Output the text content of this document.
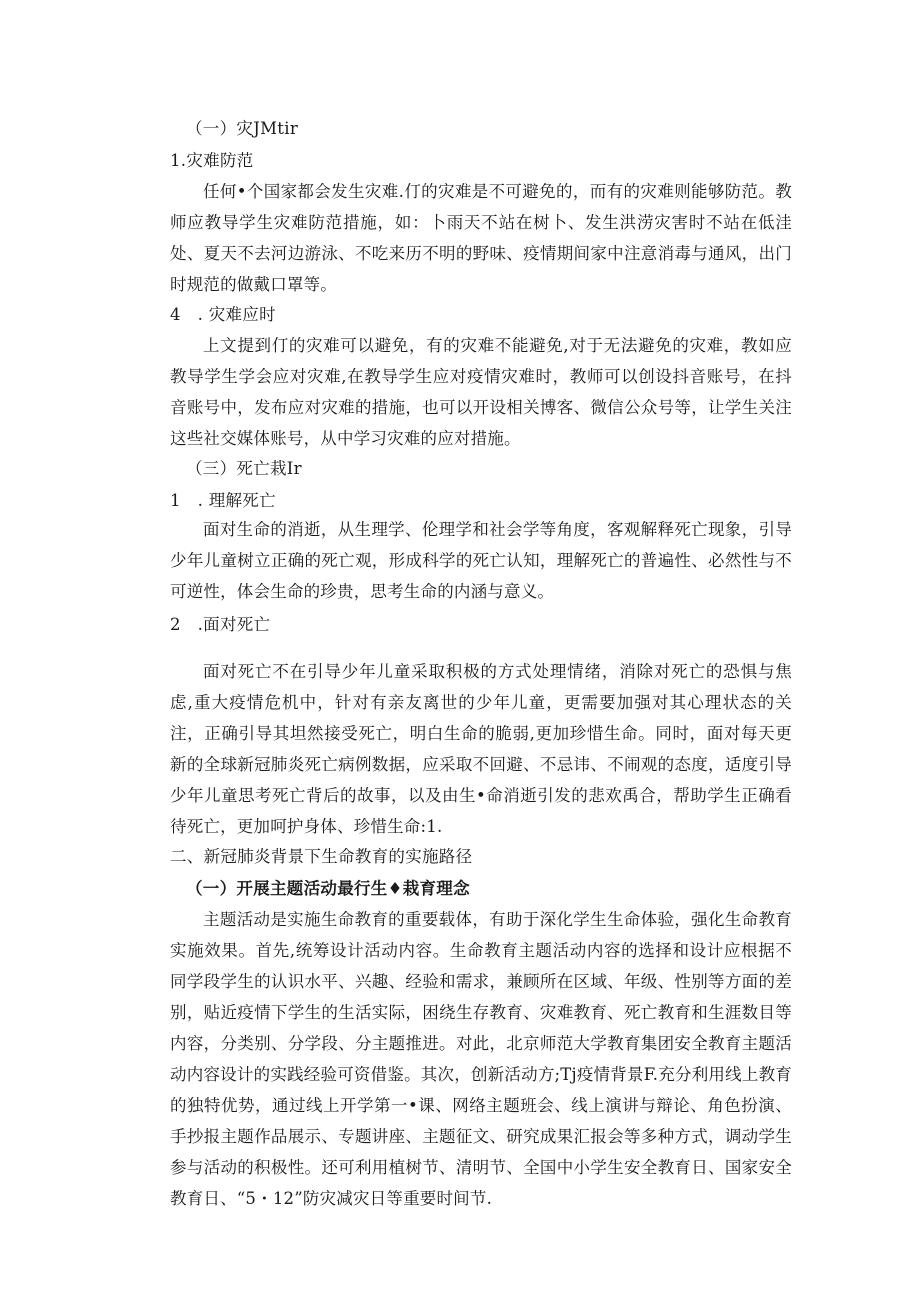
（一）灾JMtir
1.灾难防范

任何•个国家都会发生灾难.仃的灾难是不可避免的，而有的灾难则能够防范。教师应教导学生灾难防范措施，如：卜雨天不站在树卜、发生洪涝灾害时不站在低洼处、夏天不去河边游泳、不吃来历不明的野味、疫情期间家中注意消毒与通风，出门时规范的做戴口罩等。

4　. 灾难应时

上文提到仃的灾难可以避免，有的灾难不能避免,对于无法避免的灾难，教如应教导学生学会应对灾难,在教导学生应对疫情灾难时，教师可以创设抖音账号，在抖音账号中，发布应对灾难的措施，也可以开设相关博客、微信公众号等，让学生关注这些社交媒体账号，从中学习灾难的应对措施。

（三）死亡栽Ir
1　. 理解死亡

面对生命的消逝，从生理学、伦理学和社会学等角度，客观解释死亡现象，引导少年儿童树立正确的死亡观，形成科学的死亡认知，理解死亡的普遍性、必然性与不可逆性，体会生命的珍贵，思考生命的内涵与意义。

2　.面对死亡

面对死亡不在引导少年儿童采取积极的方式处理情绪，消除对死亡的恐惧与焦虑,重大疫情危机中，针对有亲友离世的少年儿童，更需要加强对其心理状态的关注，正确引导其坦然接受死亡，明白生命的脆弱,更加珍惜生命。同时，面对每天更新的全球新冠肺炎死亡病例数据，应采取不回避、不忌讳、不闹观的态度，适度引导少年儿童思考死亡背后的故事，以及由生•命消逝引发的悲欢禹合，帮助学生正确看待死亡，更加呵护身体、珍惜生命:1.

二、新冠肺炎背景下生命教育的实施路径
（一）开展主题活动最行生♦栽育理念

主题活动是实施生命教育的重要载体，有助于深化学生生命体验，强化生命教育实施效果。首先,统筹设计活动内容。生命教育主题活动内容的选择和设计应根据不同学段学生的认识水平、兴趣、经验和需求，兼顾所在区域、年级、性别等方面的差别，贴近疫情下学生的生活实际，困绕生存教育、灾难教育、死亡教育和生涯数目等内容，分类别、分学段、分主题推进。对此，北京师范大学教育集团安全教育主题活动内容设计的实践经验可资借鉴。其次，创新活动方;Tj疫情背景F.充分利用线上教育的独特优势，通过线上开学第一•课、网络主题班会、线上演讲与辩论、角色扮演、手抄报主题作品展示、专题讲座、主题征文、研究成果汇报会等多种方式，调动学生参与活动的积极性。还可利用植树节、清明节、全国中小学生安全教育日、国家安全教育日、“5・12”防灾减灾日等重要时间节.
